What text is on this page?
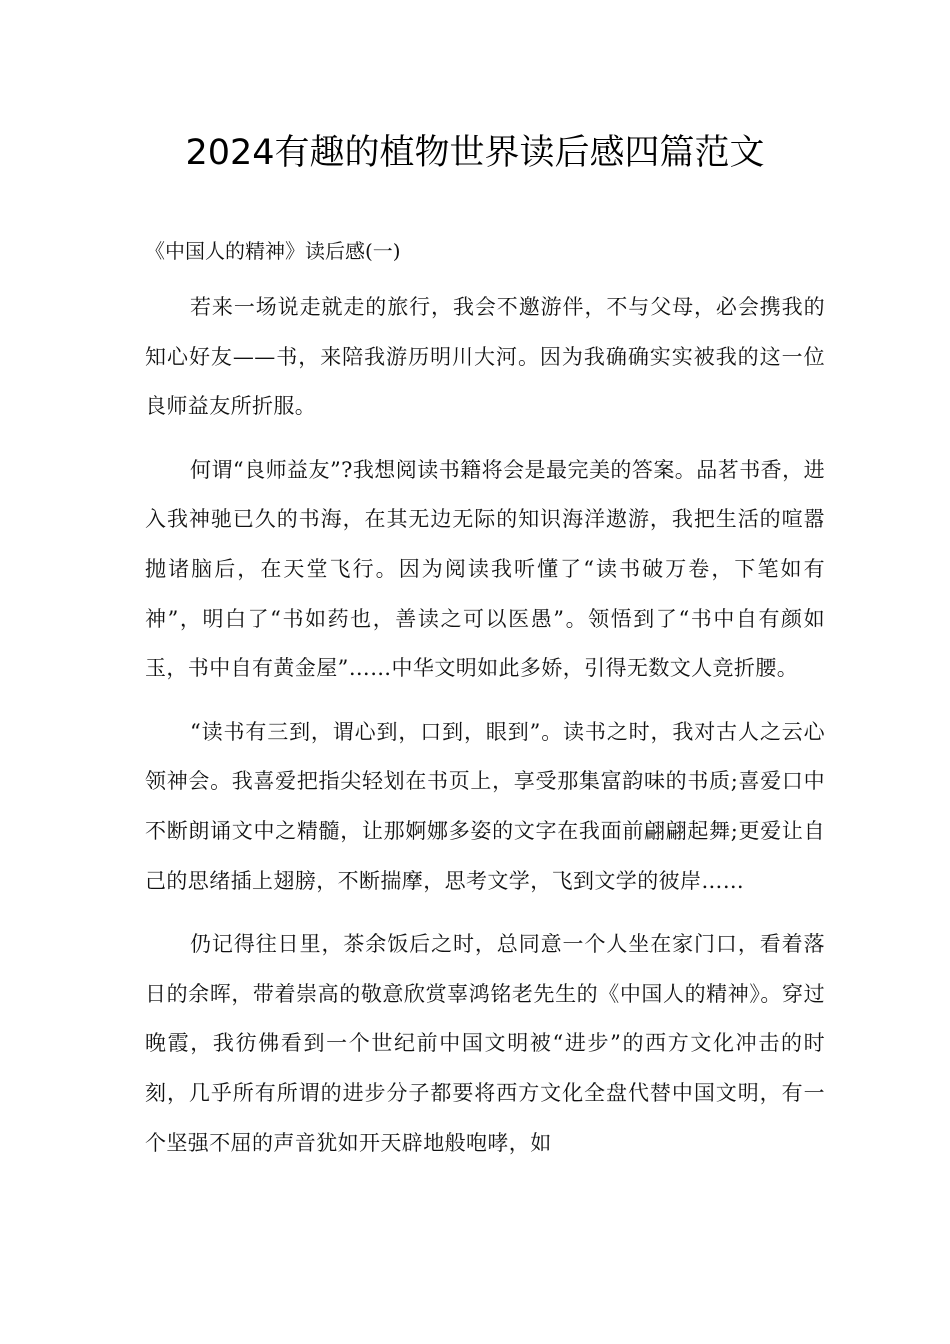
2024有趣的植物世界读后感四篇范文

《中国人的精神》读后感(一)

若来一场说走就走的旅行，我会不邀游伴，不与父母，必会携我的知心好友——书，来陪我游历明川大河。因为我确确实实被我的这一位良师益友所折服。

何谓“良师益友”?我想阅读书籍将会是最完美的答案。品茗书香，进入我神驰已久的书海，在其无边无际的知识海洋遨游，我把生活的喧嚣抛诸脑后，在天堂飞行。因为阅读我听懂了“读书破万卷，下笔如有神”，明白了“书如药也，善读之可以医愚”。领悟到了“书中自有颜如玉，书中自有黄金屋”……中华文明如此多娇，引得无数文人竞折腰。

“读书有三到，谓心到，口到，眼到”。读书之时，我对古人之云心领神会。我喜爱把指尖轻划在书页上，享受那集富韵味的书质;喜爱口中不断朗诵文中之精髓，让那婀娜多姿的文字在我面前翩翩起舞;更爱让自己的思绪插上翅膀，不断揣摩，思考文学，飞到文学的彼岸……

仍记得往日里，茶余饭后之时，总同意一个人坐在家门口，看着落日的余晖，带着崇高的敬意欣赏辜鸿铭老先生的《中国人的精神》。穿过晚霞，我彷佛看到一个世纪前中国文明被“进步”的西方文化冲击的时刻，几乎所有所谓的进步分子都要将西方文化全盘代替中国文明，有一个坚强不屈的声音犹如开天辟地般咆哮，如
